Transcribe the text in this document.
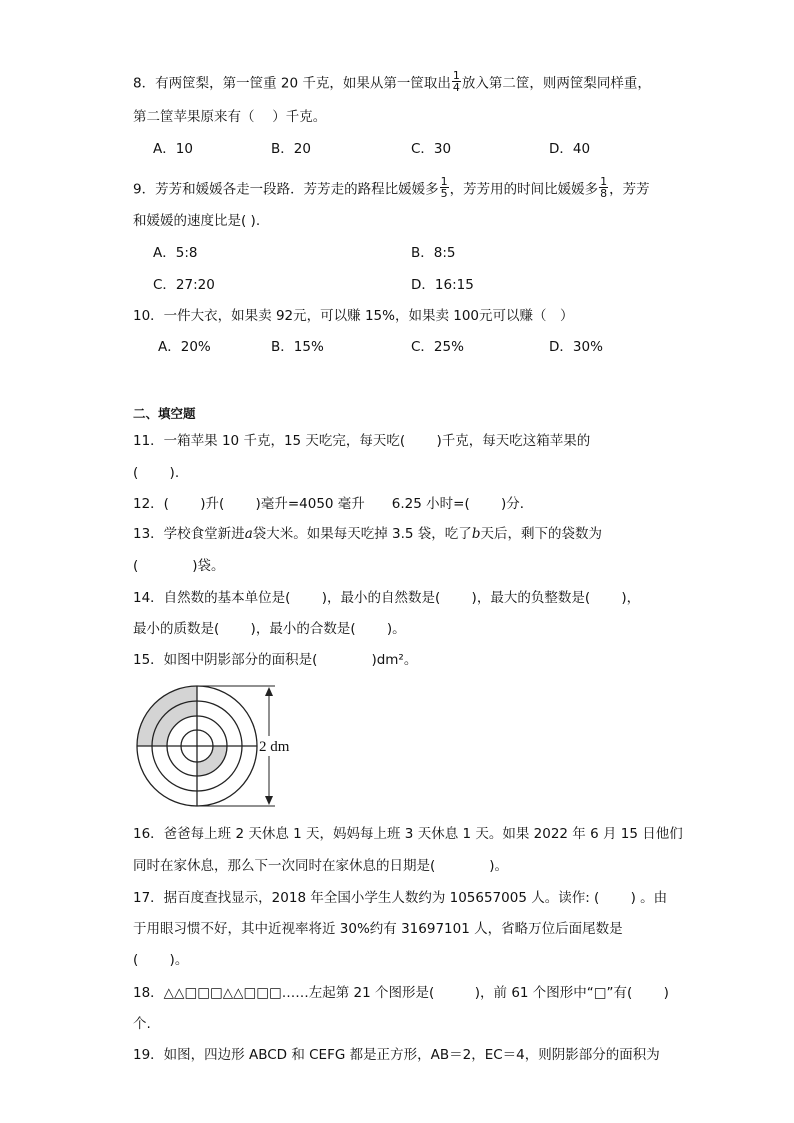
8．有两筐梨，第一筐重 20 千克，如果从第一筐取出 $\frac{1}{4}$ 放入第二筐，则两筐梨同样重，
第二筐苹果原来有（　 ）千克。
A．10	B．20	C．30	D．40
9．芳芳和媛媛各走一段路．芳芳走的路程比媛媛多 $\frac{1}{5}$ ，芳芳用的时间比媛媛多 $\frac{1}{8}$ ，芳芳
和媛媛的速度比是( ).
A．5:8	B．8:5
C．27:20	D．16:15
10．一件大衣，如果卖 92元，可以赚 15%，如果卖 100元可以赚（　）
A．20%	B．15%	C．25%	D．30%
二、填空题
11．一箱苹果 10 千克，15 天吃完，每天吃(　　 )千克，每天吃这箱苹果的
(　　 ).
12．(　　 )升(　　 )毫升=4050 毫升　　6.25 小时=(　　 )分．
13．学校食堂新进a袋大米。如果每天吃掉 3.5 袋，吃了b天后，剩下的袋数为
(　　　　)袋。
14．自然数的基本单位是(　　 )，最小的自然数是(　　 )，最大的负整数是(　　 )，
最小的质数是(　　 )，最小的合数是(　　 )。
15．如图中阴影部分的面积是(　　　　)dm²。
2 dm
16．爸爸每上班 2 天休息 1 天，妈妈每上班 3 天休息 1 天。如果 2022 年 6 月 15 日他们
同时在家休息，那么下一次同时在家休息的日期是(　　　　)。
17．据百度查找显示，2018 年全国小学生人数约为 105657005 人。读作: (　　 ) 。由
于用眼习惯不好，其中近视率将近 30%约有 31697101 人，省略万位后面尾数是
(　　 )。
18．△△□□□△△□□□……左起第 21 个图形是(　　　)，前 61 个图形中“□”有(　　 )
个.
19．如图，四边形 ABCD 和 CEFG 都是正方形，AB＝2，EC＝4，则阴影部分的面积为
